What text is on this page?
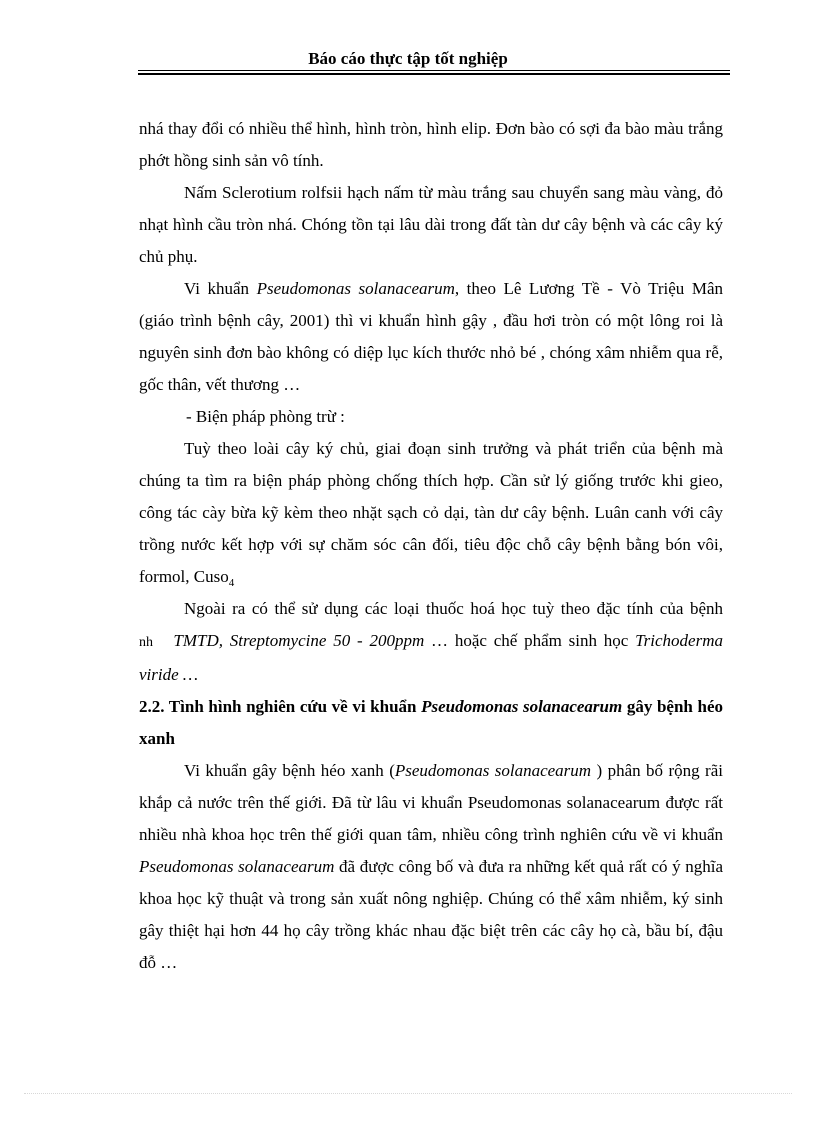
Báo cáo thực tập tốt nghiệp

nhá thay đổi có nhiều thể hình, hình tròn, hình elip. Đơn bào có sợi đa bào màu trắng phớt hồng sinh sản vô tính.

Nấm Sclerotium rolfsii hạch nấm từ màu trắng sau chuyển sang màu vàng, đỏ nhạt hình cầu tròn nhá. Chóng tồn tại lâu dài trong đất tàn dư cây bệnh và các cây ký chủ phụ.

Vi khuẩn Pseudomonas solanacearum, theo Lê Lương Tề - Vò Triệu Mân (giáo trình bệnh cây, 2001) thì vi khuẩn hình gậy , đầu hơi tròn có một lông roi là nguyên sinh đơn bào không có diệp lục kích thước nhỏ bé , chóng xâm nhiễm qua rễ, gốc thân, vết thương …

- Biện pháp phòng trừ :

Tuỳ theo loài cây ký chủ, giai đoạn sinh trưởng và phát triển của bệnh mà chúng ta tìm ra biện pháp phòng chống thích hợp. Cần sử lý giống trước khi gieo, công tác cày bừa kỹ kèm theo nhặt sạch cỏ dại, tàn dư cây bệnh. Luân canh với cây trồng nước kết hợp với sự chăm sóc cân đối, tiêu độc chỗ cây bệnh bằng bón vôi, formol, Cuso$_4$

Ngoài ra có thể sử dụng các loại thuốc hoá học tuỳ theo đặc tính của bệnh nh TMTD, Streptomycine 50 - 200ppm … hoặc chế phẩm sinh học Trichoderma viride …

2.2. Tình hình nghiên cứu về vi khuẩn Pseudomonas solanacearum gây bệnh héo xanh

Vi khuẩn gây bệnh héo xanh (Pseudomonas solanacearum ) phân bố rộng rãi khắp cả nước trên thế giới. Đã từ lâu vi khuẩn Pseudomonas solanacearum được rất nhiều nhà khoa học trên thế giới quan tâm, nhiều công trình nghiên cứu về vi khuẩn Pseudomonas solanacearum đã được công bố và đưa ra những kết quả rất có ý nghĩa khoa học kỹ thuật và trong sản xuất nông nghiệp. Chúng có thể xâm nhiễm, ký sinh gây thiệt hại hơn 44 họ cây trồng khác nhau đặc biệt trên các cây họ cà, bầu bí, đậu đỗ …
